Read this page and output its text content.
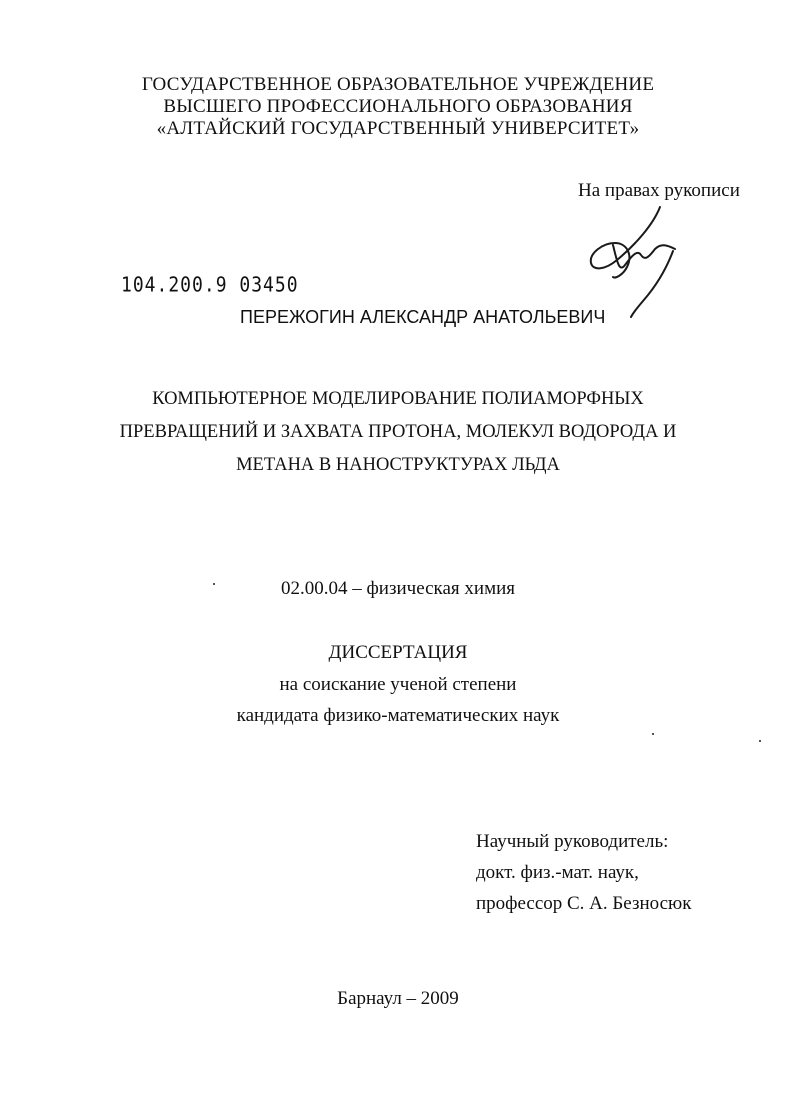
ГОСУДАРСТВЕННОЕ ОБРАЗОВАТЕЛЬНОЕ УЧРЕЖДЕНИЕ
ВЫСШЕГО ПРОФЕССИОНАЛЬНОГО ОБРАЗОВАНИЯ
«АЛТАЙСКИЙ ГОСУДАРСТВЕННЫЙ УНИВЕРСИТЕТ»
На правах рукописи
104.200.9 03450
ПЕРЕЖОГИН АЛЕКСАНДР АНАТОЛЬЕВИЧ
КОМПЬЮТЕРНОЕ МОДЕЛИРОВАНИЕ ПОЛИАМОРФНЫХ
ПРЕВРАЩЕНИЙ И ЗАХВАТА ПРОТОНА, МОЛЕКУЛ ВОДОРОДА И
МЕТАНА В НАНОСТРУКТУРАХ ЛЬДА
02.00.04 – физическая химия
ДИССЕРТАЦИЯ
на соискание ученой степени
кандидата физико-математических наук
Научный руководитель:
докт. физ.-мат. наук,
профессор С. А. Безносюк
Барнаул – 2009
